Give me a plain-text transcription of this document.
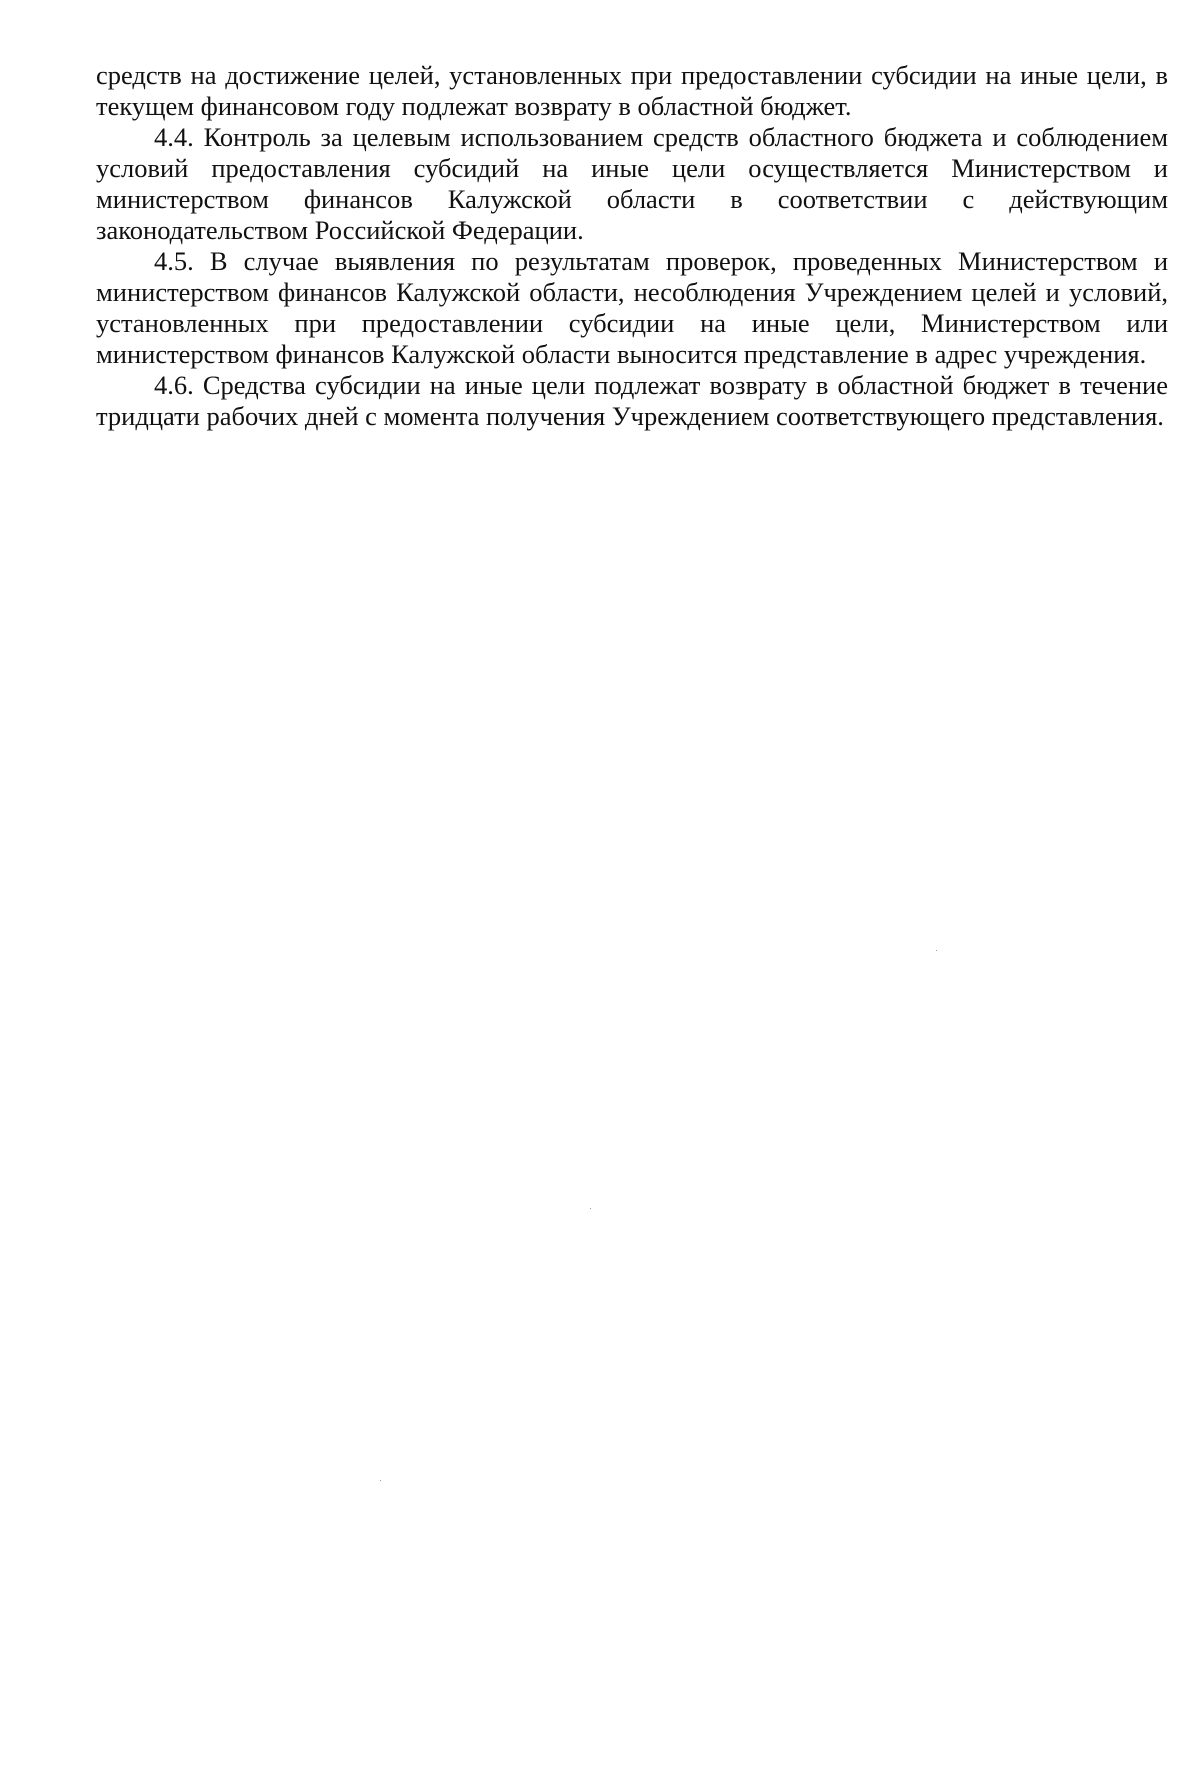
средств на достижение целей, установленных при предоставлении субсидии на иные цели, в текущем финансовом году подлежат возврату в областной бюджет.

4.4. Контроль за целевым использованием средств областного бюджета и соблюдением условий предоставления субсидий на иные цели осуществляется Министерством и министерством финансов Калужской области в соответствии с действующим законодательством Российской Федерации.

4.5. В случае выявления по результатам проверок, проведенных Министерством и министерством финансов Калужской области, несоблюдения Учреждением целей и условий, установленных при предоставлении субсидии на иные цели, Министерством или министерством финансов Калужской области выносится представление в адрес учреждения.

4.6. Средства субсидии на иные цели подлежат возврату в областной бюджет в течение тридцати рабочих дней с момента получения Учреждением соответствующего представления.
